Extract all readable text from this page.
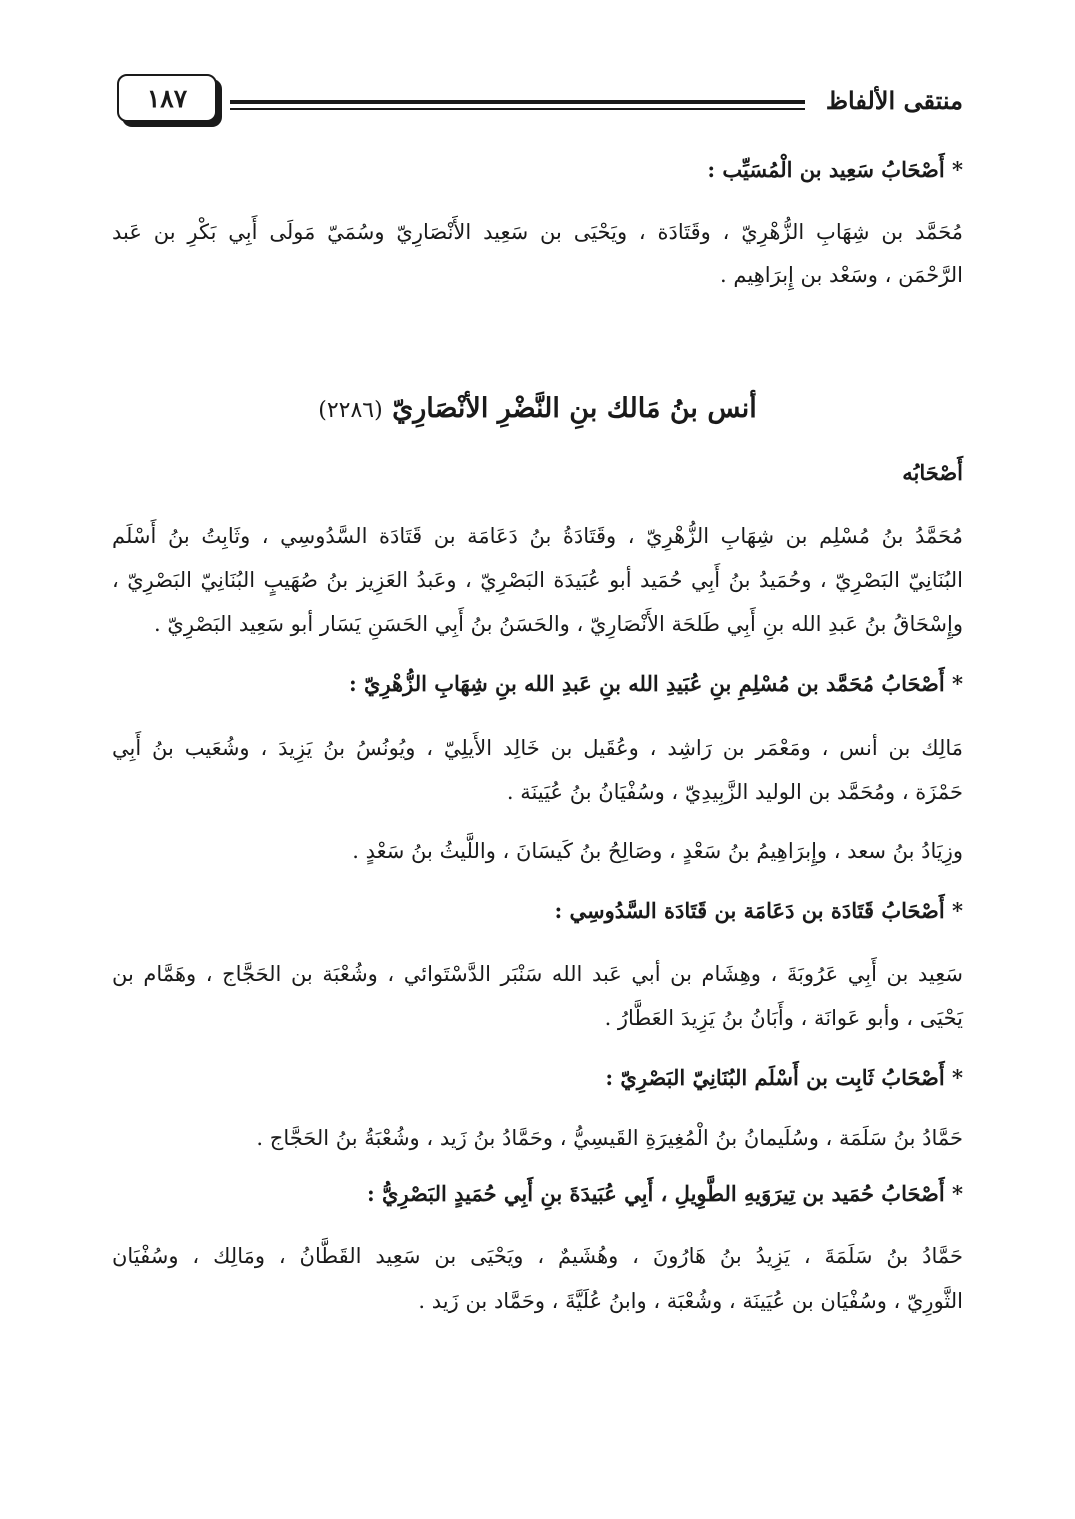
منتقى الألفاظ
١٨٧
* أَصْحَابُ سَعِيد بن الْمُسَيِّب :
مُحَمَّد بن شِهَابِ الزُّهْرِيّ ، وقَتَادَة ، ويَحْيَى بن سَعِيد الأَنْصَارِيّ وسُمَيّ مَولَى أَبِي بَكْرِ بن عَبد
الرَّحْمَن ، وسَعْد بن إِبرَاهِيم .
أنس بنُ مَالك بنِ النَّضْرِ الأنْصَارِيّ (٢٢٨٦)
أَصْحَابُه
مُحَمَّدُ بنُ مُسْلِم بن شِهَابِ الزُّهْرِيّ ، وقَتَادَةُ بنُ دَعَامَة بن قَتَادَة السَّدُوسِي ، وثَابِتُ بنُ أَسْلَم
البُنَانِيّ البَصْرِيّ ، وحُمَيدُ بنُ أَبِي حُمَيد أبو عُبَيدَة البَصْرِيّ ، وعَبدُ العَزِيز بنُ صُهَيبٍ البُنَانِيّ البَصْرِيّ ،
وإِسْحَاقُ بنُ عَبدِ الله بنِ أَبِي طَلحَة الأَنْصَارِيّ ، والحَسَنُ بنُ أَبِي الحَسَنِ يَسَار أبو سَعِيد البَصْرِيّ .
* أَصْحَابُ مُحَمَّد بن مُسْلِمِ بنِ عُبَيدِ الله بنِ عَبدِ الله بنِ شِهَابِ الزُّهْرِيّ :
مَالِك بن أنس ، ومَعْمَر بن رَاشِد ، وعُقَيل بن خَالِد الأَيلِيّ ، ويُونُسُ بنُ يَزِيدَ ، وشُعَيب بنُ أَبِي
حَمْزَة ، ومُحَمَّد بن الوليد الزَّبِيدِيّ ، وسُفْيَانُ بنُ عُيَينَة .
وزِيَادُ بنُ سعد ، وإِبرَاهِيمُ بنُ سَعْدٍ ، وصَالِحُ بنُ كَيسَانَ ، واللَّيثُ بنُ سَعْدٍ .
* أَصْحَابُ قَتَادَة بن دَعَامَة بن قَتَادَة السَّدُوسِي :
سَعِيد بن أَبِي عَرُوبَةَ ، وهِشَام بن أبي عَبد الله سَنْبَر الدَّسْتَوائي ، وشُعْبَة بن الحَجَّاج ، وهَمَّام بن
يَحْيَى ، وأبو عَوانَة ، وأَبَانُ بنُ يَزِيدَ العَطَّارُ .
* أَصْحَابُ ثَابِت بن أَسْلَم البُنَانِيّ البَصْرِيّ :
حَمَّادُ بنُ سَلَمَة ، وسُلَيمانُ بنُ الْمُغِيرَةِ القَيسِيُّ ، وحَمَّادُ بنُ زَيد ، وشُعْبَةُ بنُ الحَجَّاج .
* أَصْحَابُ حُمَيد بن تِيرَوَيهِ الطَّوِيلِ ، أَبِي عُبَيدَةَ بنِ أَبِي حُمَيدٍ البَصْرِيُّ :
حَمَّادُ بنُ سَلَمَةَ ، يَزِيدُ بنُ هَارُونَ ، وهُشَيمٌ ، ويَحْيَى بن سَعِيد القَطَّانُ ، ومَالِك ، وسُفْيَان
الثَّورِيّ ، وسُفْيَان بن عُيَينَة ، وشُعْبَة ، وابنُ عُلَيَّةَ ، وحَمَّاد بن زَيد .
